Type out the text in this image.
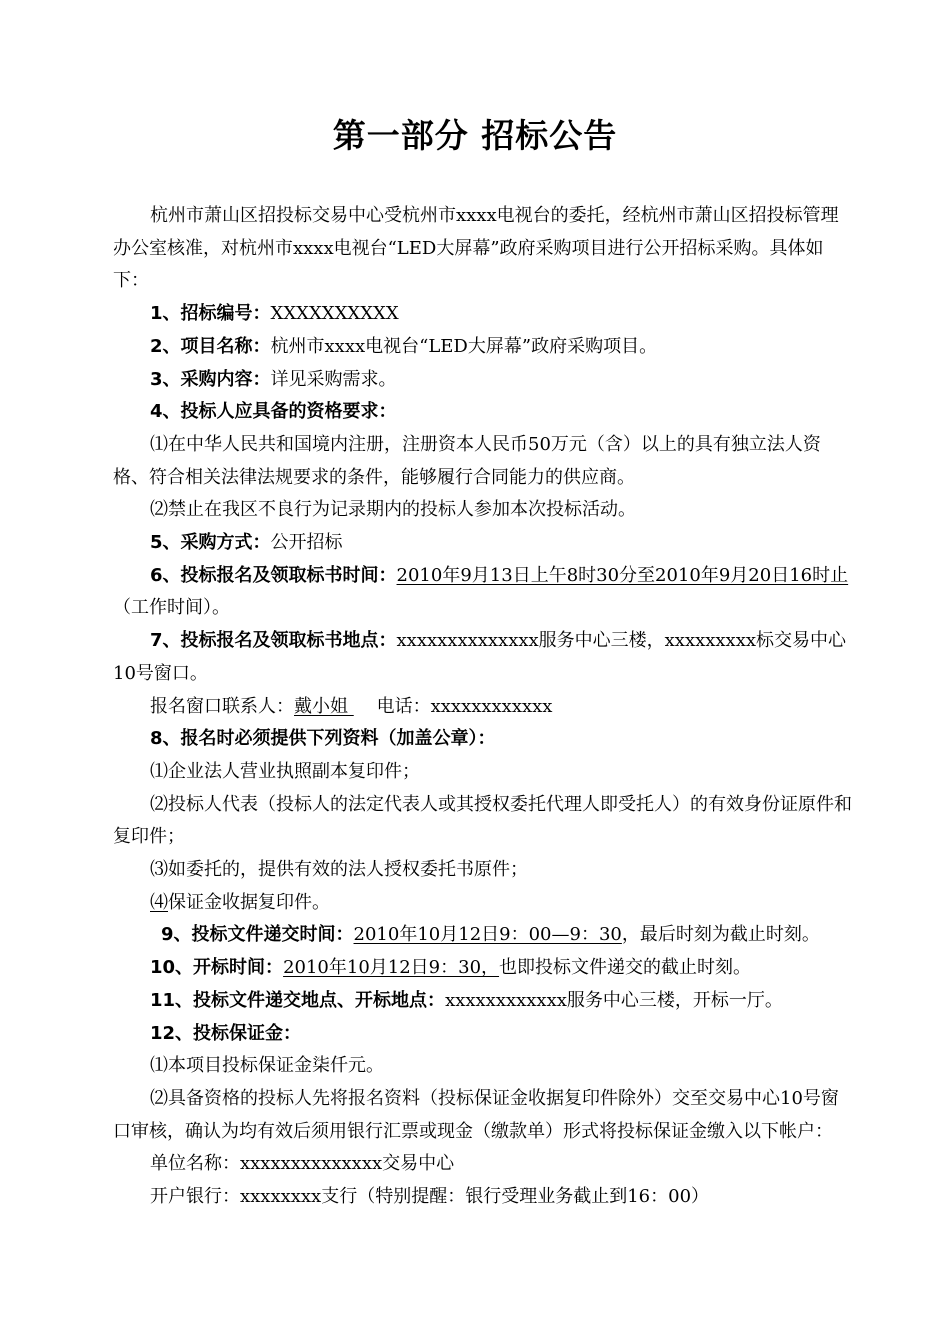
第一部分 招标公告

杭州市萧山区招投标交易中心受杭州市xxxx电视台的委托，经杭州市萧山区招投标管理办公室核准，对杭州市xxxx电视台“LED大屏幕”政府采购项目进行公开招标采购。具体如下：

1、招标编号：XXXXXXXXXX

2、项目名称：杭州市xxxx电视台“LED大屏幕”政府采购项目。

3、采购内容：详见采购需求。

4、投标人应具备的资格要求：

⑴在中华人民共和国境内注册，注册资本人民币50万元（含）以上的具有独立法人资格、符合相关法律法规要求的条件，能够履行合同能力的供应商。

⑵禁止在我区不良行为记录期内的投标人参加本次投标活动。

5、采购方式：公开招标

6、投标报名及领取标书时间：2010年9月13日上午8时30分至2010年9月20日16时止（工作时间）。

7、投标报名及领取标书地点：xxxxxxxxxxxxxx服务中心三楼，xxxxxxxxx标交易中心10号窗口。

报名窗口联系人：戴小姐     电话：xxxxxxxxxxxx

8、报名时必须提供下列资料（加盖公章）：

⑴企业法人营业执照副本复印件；

⑵投标人代表（投标人的法定代表人或其授权委托代理人即受托人）的有效身份证原件和复印件；

⑶如委托的，提供有效的法人授权委托书原件；

⑷保证金收据复印件。

9、投标文件递交时间：2010年10月12日9：00—9：30，最后时刻为截止时刻。

10、开标时间：2010年10月12日9：30，也即投标文件递交的截止时刻。

11、投标文件递交地点、开标地点：xxxxxxxxxxxx服务中心三楼，开标一厅。

12、投标保证金：

⑴本项目投标保证金柒仟元。

⑵具备资格的投标人先将报名资料（投标保证金收据复印件除外）交至交易中心10号窗口审核，确认为均有效后须用银行汇票或现金（缴款单）形式将投标保证金缴入以下帐户：

单位名称：xxxxxxxxxxxxxx交易中心

开户银行：xxxxxxxx支行（特别提醒：银行受理业务截止到16：00）
